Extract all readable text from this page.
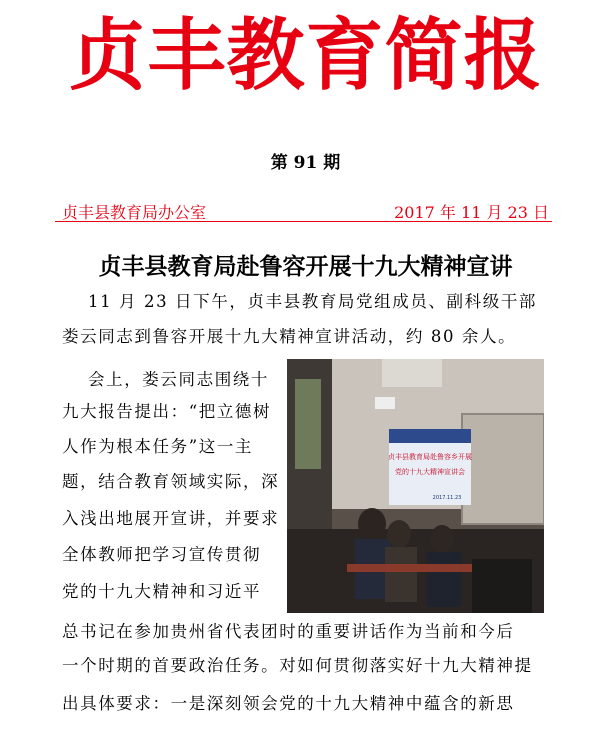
贞丰教育简报
第 91 期
贞丰县教育局办公室	2017 年 11 月 23 日
贞丰县教育局赴鲁容开展十九大精神宣讲
11 月 23 日下午，贞丰县教育局党组成员、副科级干部
娄云同志到鲁容开展十九大精神宣讲活动，约 80 余人。
会上，娄云同志围绕十
九大报告提出：“把立德树
人作为根本任务”这一主
题，结合教育领域实际，深
入浅出地展开宣讲，并要求
全体教师把学习宣传贯彻
党的十九大精神和习近平
总书记在参加贵州省代表团时的重要讲话作为当前和今后
一个时期的首要政治任务。对如何贯彻落实好十九大精神提
出具体要求：一是深刻领会党的十九大精神中蕴含的新思
贞丰县教育局赴鲁容乡开展
党的十九大精神宣讲会
2017.11.23
